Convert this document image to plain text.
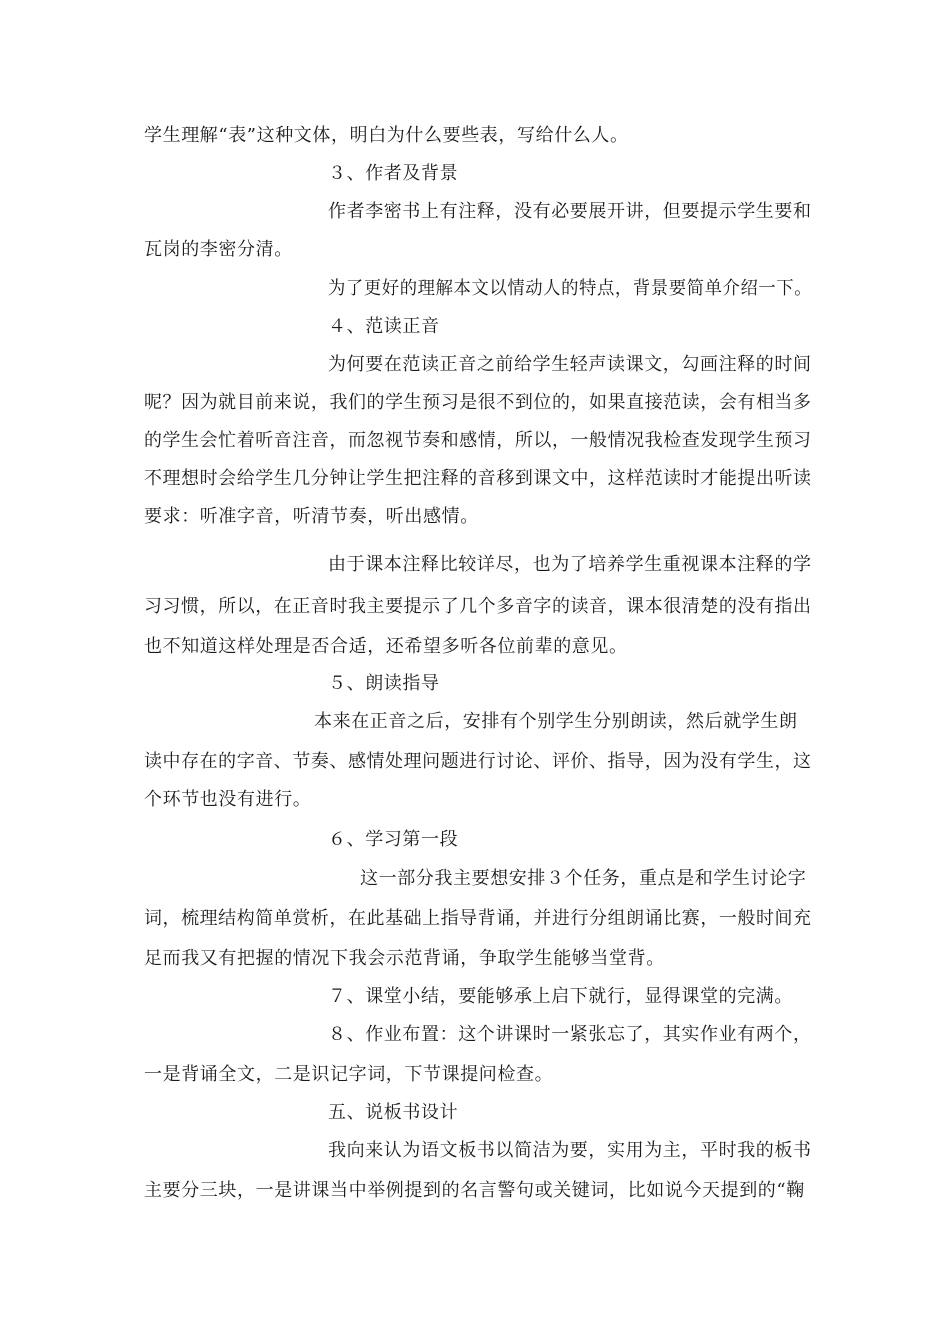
学生理解“表”这种文体，明白为什么要些表，写给什么人。
３、作者及背景
作者李密书上有注释，没有必要展开讲，但要提示学生要和
瓦岗的李密分清。
为了更好的理解本文以情动人的特点，背景要简单介绍一下。
４、范读正音
为何要在范读正音之前给学生轻声读课文，勾画注释的时间
呢？因为就目前来说，我们的学生预习是很不到位的，如果直接范读，会有相当多
的学生会忙着听音注音，而忽视节奏和感情，所以，一般情况我检查发现学生预习
不理想时会给学生几分钟让学生把注释的音移到课文中，这样范读时才能提出听读
要求：听准字音，听清节奏，听出感情。
由于课本注释比较详尽，也为了培养学生重视课本注释的学
习习惯，所以，在正音时我主要提示了几个多音字的读音，课本很清楚的没有指出
也不知道这样处理是否合适，还希望多听各位前辈的意见。
５、朗读指导
本来在正音之后，安排有个别学生分别朗读，然后就学生朗
读中存在的字音、节奏、感情处理问题进行讨论、评价、指导，因为没有学生，这
个环节也没有进行。
６、学习第一段
这一部分我主要想安排３个任务，重点是和学生讨论字
词，梳理结构简单赏析，在此基础上指导背诵，并进行分组朗诵比赛，一般时间充
足而我又有把握的情况下我会示范背诵，争取学生能够当堂背。
７、课堂小结，要能够承上启下就行，显得课堂的完满。
８、作业布置：这个讲课时一紧张忘了，其实作业有两个，
一是背诵全文，二是识记字词，下节课提问检查。
五、说板书设计
我向来认为语文板书以简洁为要，实用为主，平时我的板书
主要分三块，一是讲课当中举例提到的名言警句或关键词，比如说今天提到的“鞠
